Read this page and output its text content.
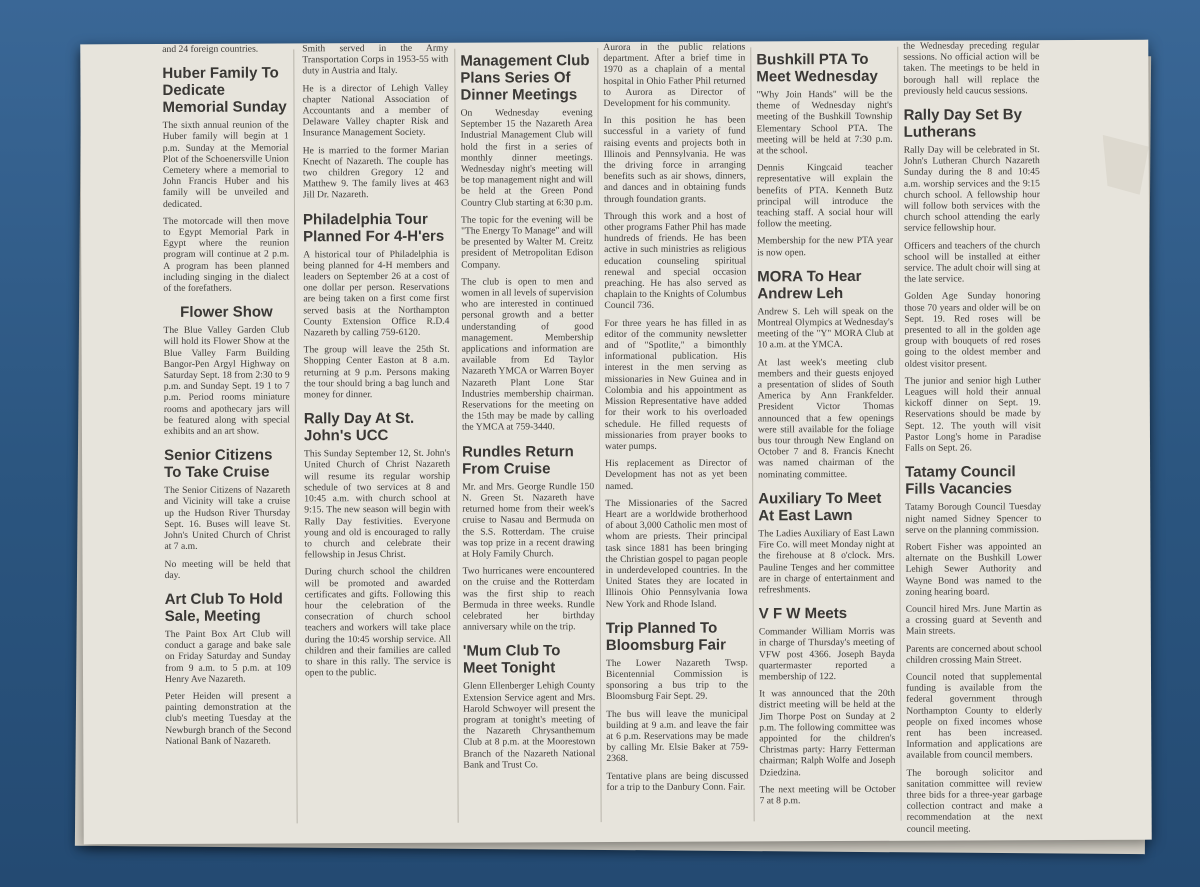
and 24 foreign countries.

Huber Family To Dedicate Memorial Sunday

The sixth annual reunion of the Huber family will begin at 1 p.m. Sunday at the Memorial Plot of the Schoenersville Union Cemetery where a memorial to John Francis Huber and his family will be unveiled and dedicated.

The motorcade will then move to Egypt Memorial Park in Egypt where the reunion program will continue at 2 p.m. A program has been planned including singing in the dialect of the forefathers.

Flower Show

The Blue Valley Garden Club will hold its Flower Show at the Blue Valley Farm Building Bangor-Pen Argyl Highway on Saturday Sept. 18 from 2:30 to 9 p.m. and Sunday Sept. 19 1 to 7 p.m. Period rooms miniature rooms and apothecary jars will be featured along with special exhibits and an art show.

Senior Citizens To Take Cruise

The Senior Citizens of Nazareth and Vicinity will take a cruise up the Hudson River Thursday Sept. 16. Buses will leave St. John's United Church of Christ at 7 a.m.

No meeting will be held that day.

Art Club To Hold Sale, Meeting

The Paint Box Art Club will conduct a garage and bake sale on Friday Saturday and Sunday from 9 a.m. to 5 p.m. at 109 Henry Ave Nazareth.

Peter Heiden will present a painting demonstration at the club's meeting Tuesday at the Newburgh branch of the Second National Bank of Nazareth.

Smith served in the Army Transportation Corps in 1953-55 with duty in Austria and Italy.

He is a director of Lehigh Valley chapter National Association of Accountants and a member of Delaware Valley chapter Risk and Insurance Management Society.

He is married to the former Marian Knecht of Nazareth. The couple has two children Gregory 12 and Matthew 9. The family lives at 463 Jill Dr. Nazareth.

Philadelphia Tour Planned For 4-H'ers

A historical tour of Philadelphia is being planned for 4-H members and leaders on September 26 at a cost of one dollar per person. Reservations are being taken on a first come first served basis at the Northampton County Extension Office R.D.4 Nazareth by calling 759-6120.

The group will leave the 25th St. Shopping Center Easton at 8 a.m. returning at 9 p.m. Persons making the tour should bring a bag lunch and money for dinner.

Rally Day At St. John's UCC

This Sunday September 12, St. John's United Church of Christ Nazareth will resume its regular worship schedule of two services at 8 and 10:45 a.m. with church school at 9:15. The new season will begin with Rally Day festivities. Everyone young and old is encouraged to rally to church and celebrate their fellowship in Jesus Christ.

During church school the children will be promoted and awarded certificates and gifts. Following this hour the celebration of the consecration of church school teachers and workers will take place during the 10:45 worship service. All children and their families are called to share in this rally. The service is open to the public.

Management Club Plans Series Of Dinner Meetings

On Wednesday evening September 15 the Nazareth Area Industrial Management Club will hold the first in a series of monthly dinner meetings. Wednesday night's meeting will be top management night and will be held at the Green Pond Country Club starting at 6:30 p.m.

The topic for the evening will be "The Energy To Manage" and will be presented by Walter M. Creitz president of Metropolitan Edison Company.

The club is open to men and women in all levels of supervision who are interested in continued personal growth and a better understanding of good management. Membership applications and information are available from Ed Taylor Nazareth YMCA or Warren Boyer Nazareth Plant Lone Star Industries membership chairman. Reservations for the meeting on the 15th may be made by calling the YMCA at 759-3440.

Rundles Return From Cruise

Mr. and Mrs. George Rundle 150 N. Green St. Nazareth have returned home from their week's cruise to Nasau and Bermuda on the S.S. Rotterdam. The cruise was top prize in a recent drawing at Holy Family Church.

Two hurricanes were encountered on the cruise and the Rotterdam was the first ship to reach Bermuda in three weeks. Rundle celebrated her birthday anniversary while on the trip.

'Mum Club To Meet Tonight

Glenn Ellenberger Lehigh County Extension Service agent and Mrs. Harold Schwoyer will present the program at tonight's meeting of the Nazareth Chrysanthemum Club at 8 p.m. at the Moorestown Branch of the Nazareth National Bank and Trust Co.

Aurora in the public relations department. After a brief time in 1970 as a chaplain of a mental hospital in Ohio Father Phil returned to Aurora as Director of Development for his community.

In this position he has been successful in a variety of fund raising events and projects both in Illinois and Pennsylvania. He was the driving force in arranging benefits such as air shows, dinners, and dances and in obtaining funds through foundation grants.

Through this work and a host of other programs Father Phil has made hundreds of friends. He has been active in such ministries as religious education counseling spiritual renewal and special occasion preaching. He has also served as chaplain to the Knights of Columbus Council 736.

For three years he has filled in as editor of the community newsletter and of "Spotlite," a bimonthly informational publication. His interest in the men serving as missionaries in New Guinea and in Colombia and his appointment as Mission Representative have added for their work to his overloaded schedule. He filled requests of missionaries from prayer books to water pumps.

His replacement as Director of Development has not as yet been named.

The Missionaries of the Sacred Heart are a worldwide brotherhood of about 3,000 Catholic men most of whom are priests. Their principal task since 1881 has been bringing the Christian gospel to pagan people in underdeveloped countries. In the United States they are located in Illinois Ohio Pennsylvania Iowa New York and Rhode Island.

Trip Planned To Bloomsburg Fair

The Lower Nazareth Twsp. Bicentennial Commission is sponsoring a bus trip to the Bloomsburg Fair Sept. 29.

The bus will leave the municipal building at 9 a.m. and leave the fair at 6 p.m. Reservations may be made by calling Mr. Elsie Baker at 759-2368.

Tentative plans are being discussed for a trip to the Danbury Conn. Fair.

Bushkill PTA To Meet Wednesday

"Why Join Hands" will be the theme of Wednesday night's meeting of the Bushkill Township Elementary School PTA. The meeting will be held at 7:30 p.m. at the school.

Dennis Kingcaid teacher representative will explain the benefits of PTA. Kenneth Butz principal will introduce the teaching staff. A social hour will follow the meeting.

Membership for the new PTA year is now open.

MORA To Hear Andrew Leh

Andrew S. Leh will speak on the Montreal Olympics at Wednesday's meeting of the "Y" MORA Club at 10 a.m. at the YMCA.

At last week's meeting club members and their guests enjoyed a presentation of slides of South America by Ann Frankfelder. President Victor Thomas announced that a few openings were still available for the foliage bus tour through New England on October 7 and 8. Francis Knecht was named chairman of the nominating committee.

Auxiliary To Meet At East Lawn

The Ladies Auxiliary of East Lawn Fire Co. will meet Monday night at the firehouse at 8 o'clock. Mrs. Pauline Tenges and her committee are in charge of entertainment and refreshments.

V F W Meets

Commander William Morris was in charge of Thursday's meeting of VFW post 4366. Joseph Bayda quartermaster reported a membership of 122.

It was announced that the 20th district meeting will be held at the Jim Thorpe Post on Sunday at 2 p.m. The following committee was appointed for the children's Christmas party: Harry Fetterman chairman; Ralph Wolfe and Joseph Dziedzina.

The next meeting will be October 7 at 8 p.m.

the Wednesday preceding regular sessions. No official action will be taken. The meetings to be held in borough hall will replace the previously held caucus sessions.

Rally Day Set By Lutherans

Rally Day will be celebrated in St. John's Lutheran Church Nazareth Sunday during the 8 and 10:45 a.m. worship services and the 9:15 church school. A fellowship hour will follow both services with the church school attending the early service fellowship hour.

Officers and teachers of the church school will be installed at either service. The adult choir will sing at the late service.

Golden Age Sunday honoring those 70 years and older will be on Sept. 19. Red roses will be presented to all in the golden age group with bouquets of red roses going to the oldest member and oldest visitor present.

The junior and senior high Luther Leagues will hold their annual kickoff dinner on Sept. 19. Reservations should be made by Sept. 12. The youth will visit Pastor Long's home in Paradise Falls on Sept. 26.

Tatamy Council Fills Vacancies

Tatamy Borough Council Tuesday night named Sidney Spencer to serve on the planning commission.

Robert Fisher was appointed an alternate on the Bushkill Lower Lehigh Sewer Authority and Wayne Bond was named to the zoning hearing board.

Council hired Mrs. June Martin as a crossing guard at Seventh and Main streets.

Parents are concerned about school children crossing Main Street.

Council noted that supplemental funding is available from the federal government through Northampton County to elderly people on fixed incomes whose rent has been increased. Information and applications are available from council members.

The borough solicitor and sanitation committee will review three bids for a three-year garbage collection contract and make a recommendation at the next council meeting.
